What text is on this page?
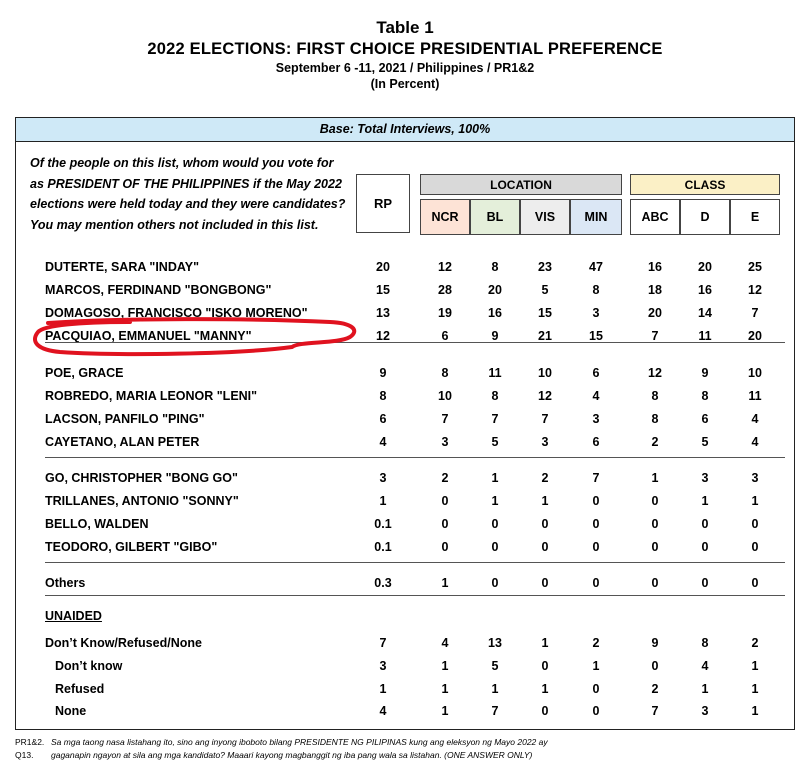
Table 1
2022 ELECTIONS: FIRST CHOICE PRESIDENTIAL PREFERENCE
September 6 -11, 2021 / Philippines / PR1&2
(In Percent)
Base: Total Interviews, 100%
Of the people on this list, whom would you vote for
as PRESIDENT OF THE PHILIPPINES if the May 2022
elections were held today and they were candidates?
You may mention others not included in this list.
RP
LOCATION	CLASS
NCR	BL	VIS	MIN	ABC	D	E
DUTERTE, SARA "INDAY"	20	12	8	23	47	16	20	25
MARCOS, FERDINAND "BONGBONG"	15	28	20	5	8	18	16	12
DOMAGOSO, FRANCISCO "ISKO MORENO"	13	19	16	15	3	20	14	7
PACQUIAO, EMMANUEL "MANNY"	12	6	9	21	15	7	11	20
POE, GRACE	9	8	11	10	6	12	9	10
ROBREDO, MARIA LEONOR "LENI"	8	10	8	12	4	8	8	11
LACSON, PANFILO "PING"	6	7	7	7	3	8	6	4
CAYETANO, ALAN PETER	4	3	5	3	6	2	5	4
GO, CHRISTOPHER "BONG GO"	3	2	1	2	7	1	3	3
TRILLANES, ANTONIO "SONNY"	1	0	1	1	0	0	1	1
BELLO, WALDEN	0.1	0	0	0	0	0	0	0
TEODORO, GILBERT "GIBO"	0.1	0	0	0	0	0	0	0
Others	0.3	1	0	0	0	0	0	0
Don’t Know/Refused/None	7	4	13	1	2	9	8	2
Don’t know	3	1	5	0	1	0	4	1
Refused	1	1	1	1	0	2	1	1
None	4	1	7	0	0	7	3	1
UNAIDED
PR1&2. Sa mga taong nasa listahang ito, sino ang inyong iboboto bilang PRESIDENTE NG PILIPINAS kung ang eleksyon ng Mayo 2022 ay
Q13. gaganapin ngayon at sila ang mga kandidato? Maaari kayong magbanggit ng iba pang wala sa listahan. (ONE ANSWER ONLY)
